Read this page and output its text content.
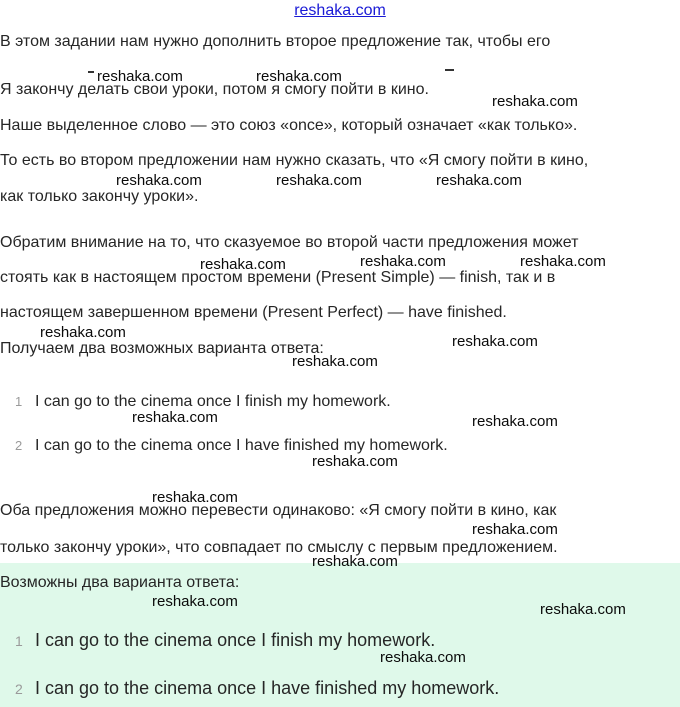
reshaka.com

В этом задании нам нужно дополнить второе предложение так, чтобы его

Я закончу делать свои уроки, потом я смогу пойти в кино.

Наше выделенное слово — это союз «once», который означает «как только».

То есть во втором предложении нам нужно сказать, что «Я смогу пойти в кино,

как только закончу уроки».

Обратим внимание на то, что сказуемое во второй части предложения может

стоять как в настоящем простом времени (Present Simple) — finish, так и в

настоящем завершенном времени (Present Perfect) — have finished.

Получаем два возможных варианта ответа:

1 I can go to the cinema once I finish my homework.

2 I can go to the cinema once I have finished my homework.

Оба предложения можно перевести одинаково: «Я смогу пойти в кино, как

только закончу уроки», что совпадает по смыслу с первым предложением.

Возможны два варианта ответа:

1 I can go to the cinema once I finish my homework.

2 I can go to the cinema once I have finished my homework.

reshaka.com	reshaka.com
reshaka.com
reshaka.com	reshaka.com	reshaka.com
reshaka.com	reshaka.com	reshaka.com
reshaka.com
reshaka.com
reshaka.com
reshaka.com	reshaka.com
reshaka.com
reshaka.com
reshaka.com
reshaka.com
reshaka.com	reshaka.com
reshaka.com
